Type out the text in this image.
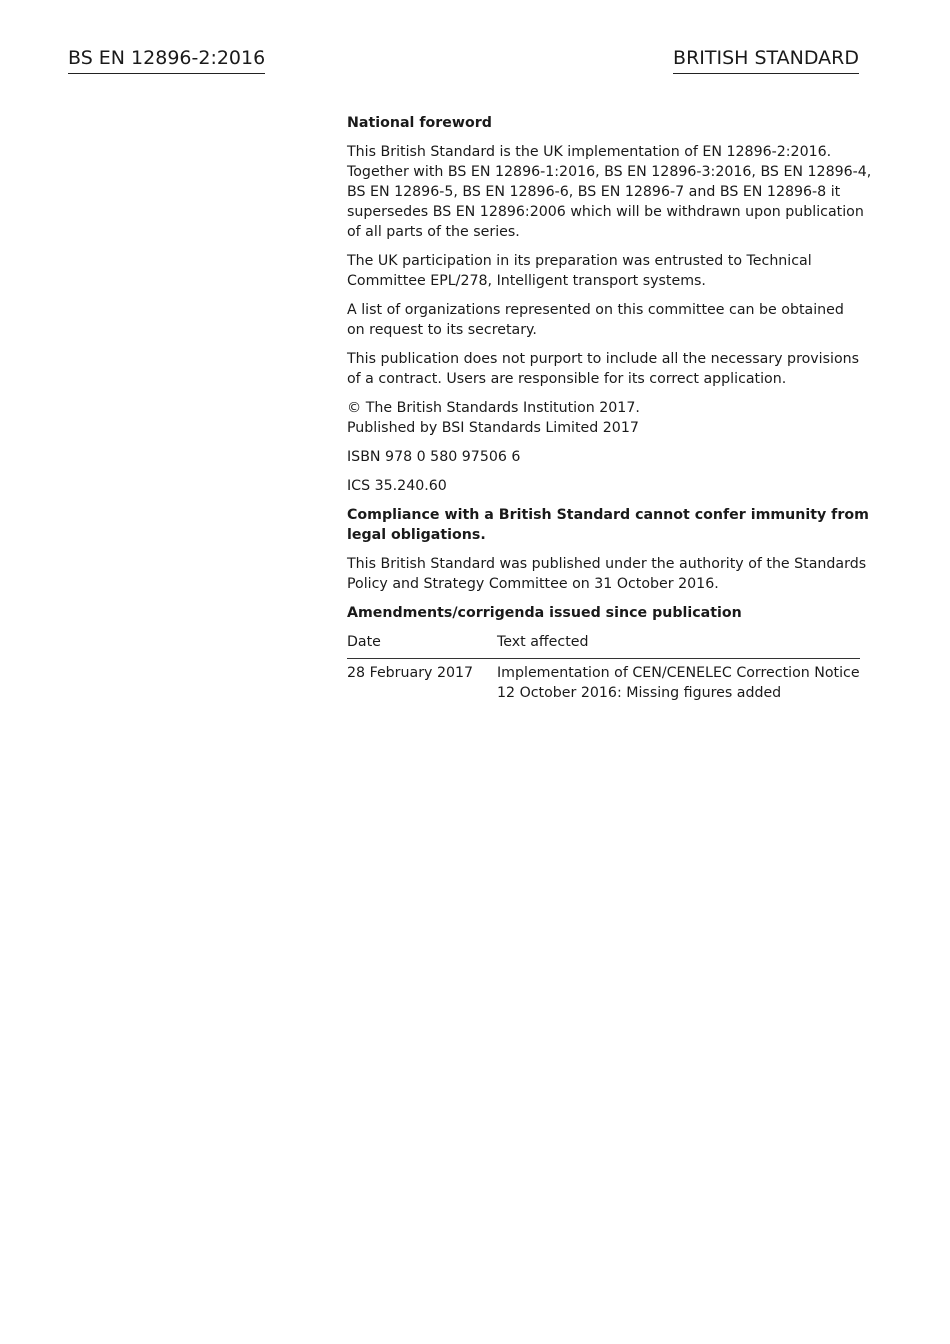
BS EN 12896-2:2016	BRITISH STANDARD
National foreword

This British Standard is the UK implementation of EN 12896-2:2016.
Together with BS EN 12896-1:2016, BS EN 12896-3:2016, BS EN 12896-4,
BS EN 12896-5, BS EN 12896-6, BS EN 12896-7 and BS EN 12896-8 it
supersedes BS EN 12896:2006 which will be withdrawn upon publication
of all parts of the series.

The UK participation in its preparation was entrusted to Technical
Committee EPL/278, Intelligent transport systems.

A list of organizations represented on this committee can be obtained
on request to its secretary.

This publication does not purport to include all the necessary provisions
of a contract. Users are responsible for its correct application.

© The British Standards Institution 2017.
Published by BSI Standards Limited 2017

ISBN 978 0 580 97506 6

ICS 35.240.60

Compliance with a British Standard cannot confer immunity from
legal obligations.

This British Standard was published under the authority of the Standards
Policy and Strategy Committee on 31 October 2016.

Amendments/corrigenda issued since publication
Date	Text affected
28 February 2017	Implementation of CEN/CENELEC Correction Notice
12 October 2016: Missing figures added
